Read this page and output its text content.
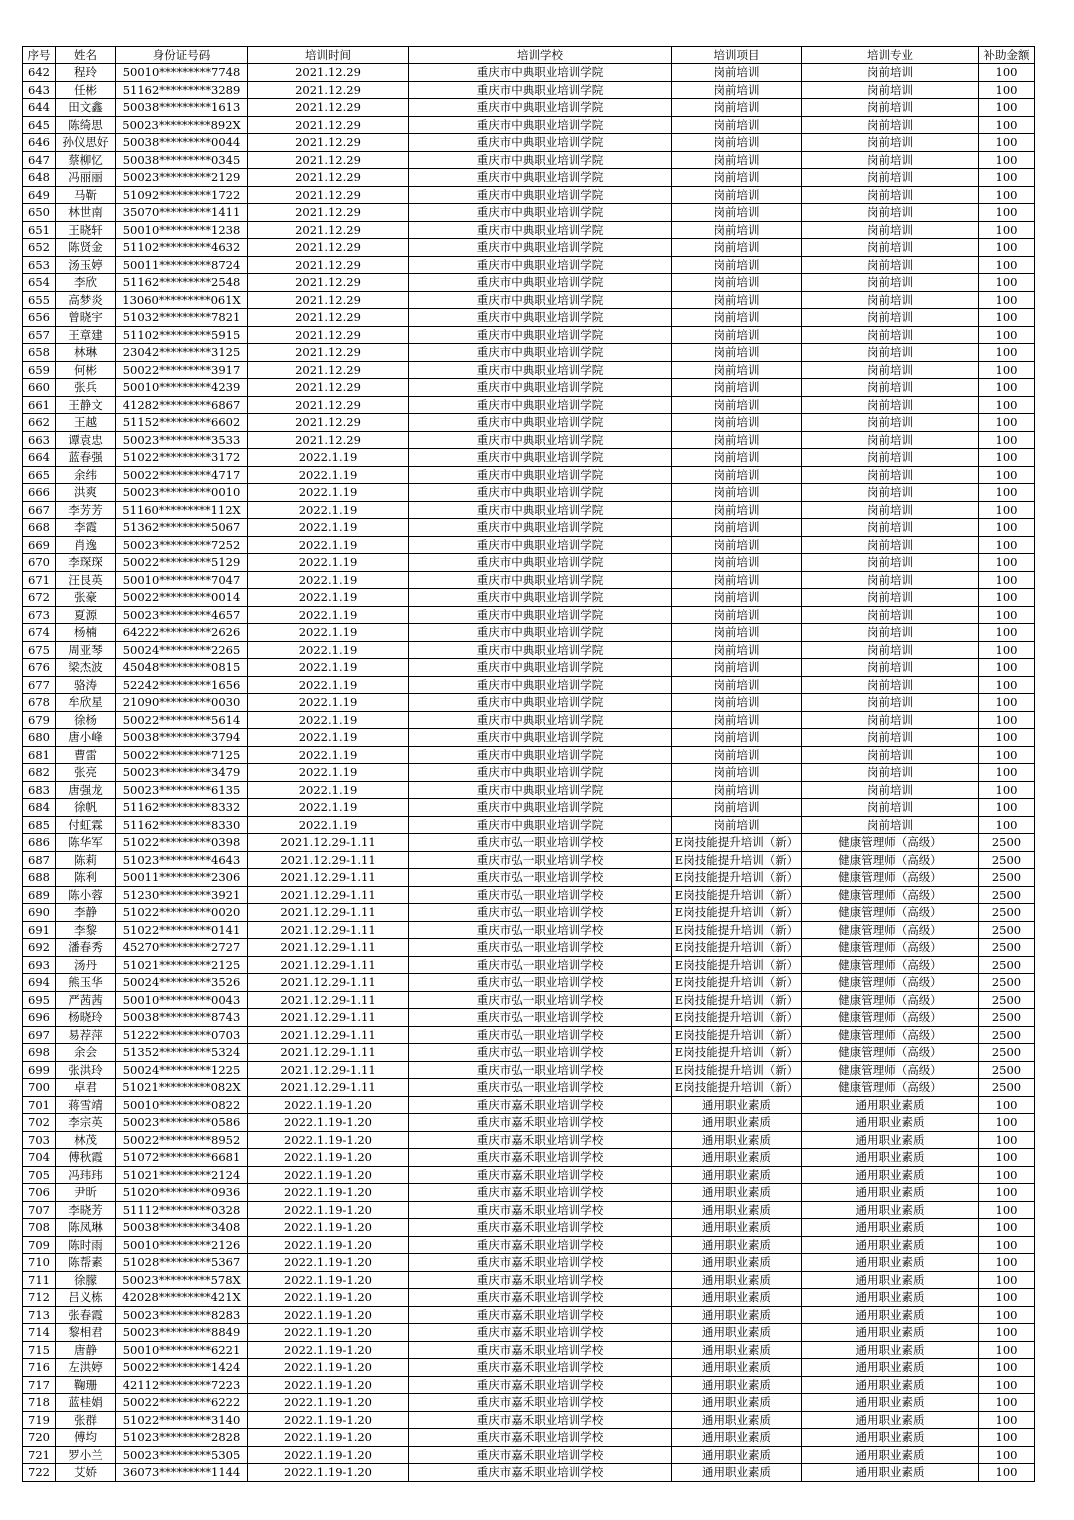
序号	姓名	身份证号码	培训时间	培训学校	培训项目	培训专业	补助金额
642	程玲	50010*********7748	2021.12.29	重庆市中典职业培训学院	岗前培训	岗前培训	100
643	任彬	51162*********3289	2021.12.29	重庆市中典职业培训学院	岗前培训	岗前培训	100
644	田文鑫	50038*********1613	2021.12.29	重庆市中典职业培训学院	岗前培训	岗前培训	100
645	陈绮思	50023*********892X	2021.12.29	重庆市中典职业培训学院	岗前培训	岗前培训	100
646	孙仪思好	50038*********0044	2021.12.29	重庆市中典职业培训学院	岗前培训	岗前培训	100
647	蔡柳忆	50038*********0345	2021.12.29	重庆市中典职业培训学院	岗前培训	岗前培训	100
648	冯丽丽	50023*********2129	2021.12.29	重庆市中典职业培训学院	岗前培训	岗前培训	100
649	马靳	51092*********1722	2021.12.29	重庆市中典职业培训学院	岗前培训	岗前培训	100
650	林世南	35070*********1411	2021.12.29	重庆市中典职业培训学院	岗前培训	岗前培训	100
651	王晓轩	50010*********1238	2021.12.29	重庆市中典职业培训学院	岗前培训	岗前培训	100
652	陈贤金	51102*********4632	2021.12.29	重庆市中典职业培训学院	岗前培训	岗前培训	100
653	汤玉婷	50011*********8724	2021.12.29	重庆市中典职业培训学院	岗前培训	岗前培训	100
654	李欣	51162*********2548	2021.12.29	重庆市中典职业培训学院	岗前培训	岗前培训	100
655	高梦炎	13060*********061X	2021.12.29	重庆市中典职业培训学院	岗前培训	岗前培训	100
656	曾晓宇	51032*********7821	2021.12.29	重庆市中典职业培训学院	岗前培训	岗前培训	100
657	王章建	51102*********5915	2021.12.29	重庆市中典职业培训学院	岗前培训	岗前培训	100
658	林琳	23042*********3125	2021.12.29	重庆市中典职业培训学院	岗前培训	岗前培训	100
659	何彬	50022*********3917	2021.12.29	重庆市中典职业培训学院	岗前培训	岗前培训	100
660	张兵	50010*********4239	2021.12.29	重庆市中典职业培训学院	岗前培训	岗前培训	100
661	王静文	41282*********6867	2021.12.29	重庆市中典职业培训学院	岗前培训	岗前培训	100
662	王越	51152*********6602	2021.12.29	重庆市中典职业培训学院	岗前培训	岗前培训	100
663	谭袁忠	50023*********3533	2021.12.29	重庆市中典职业培训学院	岗前培训	岗前培训	100
664	蓝春强	51022*********3172	2022.1.19	重庆市中典职业培训学院	岗前培训	岗前培训	100
665	余纬	50022*********4717	2022.1.19	重庆市中典职业培训学院	岗前培训	岗前培训	100
666	洪爽	50023*********0010	2022.1.19	重庆市中典职业培训学院	岗前培训	岗前培训	100
667	李芳芳	51160*********112X	2022.1.19	重庆市中典职业培训学院	岗前培训	岗前培训	100
668	李霞	51362*********5067	2022.1.19	重庆市中典职业培训学院	岗前培训	岗前培训	100
669	肖逸	50023*********7252	2022.1.19	重庆市中典职业培训学院	岗前培训	岗前培训	100
670	李琛琛	50022*********5129	2022.1.19	重庆市中典职业培训学院	岗前培训	岗前培训	100
671	汪艮英	50010*********7047	2022.1.19	重庆市中典职业培训学院	岗前培训	岗前培训	100
672	张豪	50022*********0014	2022.1.19	重庆市中典职业培训学院	岗前培训	岗前培训	100
673	夏源	50023*********4657	2022.1.19	重庆市中典职业培训学院	岗前培训	岗前培训	100
674	杨楠	64222*********2626	2022.1.19	重庆市中典职业培训学院	岗前培训	岗前培训	100
675	周亚琴	50024*********2265	2022.1.19	重庆市中典职业培训学院	岗前培训	岗前培训	100
676	梁杰波	45048*********0815	2022.1.19	重庆市中典职业培训学院	岗前培训	岗前培训	100
677	骆涛	52242*********1656	2022.1.19	重庆市中典职业培训学院	岗前培训	岗前培训	100
678	牟欣星	21090*********0030	2022.1.19	重庆市中典职业培训学院	岗前培训	岗前培训	100
679	徐杨	50022*********5614	2022.1.19	重庆市中典职业培训学院	岗前培训	岗前培训	100
680	唐小峰	50038*********3794	2022.1.19	重庆市中典职业培训学院	岗前培训	岗前培训	100
681	曹雷	50022*********7125	2022.1.19	重庆市中典职业培训学院	岗前培训	岗前培训	100
682	张亮	50023*********3479	2022.1.19	重庆市中典职业培训学院	岗前培训	岗前培训	100
683	唐强龙	50023*********6135	2022.1.19	重庆市中典职业培训学院	岗前培训	岗前培训	100
684	徐帆	51162*********8332	2022.1.19	重庆市中典职业培训学院	岗前培训	岗前培训	100
685	付虹霖	51162*********8330	2022.1.19	重庆市中典职业培训学院	岗前培训	岗前培训	100
686	陈华军	51022*********0398	2021.12.29-1.11	重庆市弘一职业培训学校	E岗技能提升培训（新）	健康管理师（高级）	2500
687	陈莉	51023*********4643	2021.12.29-1.11	重庆市弘一职业培训学校	E岗技能提升培训（新）	健康管理师（高级）	2500
688	陈利	50011*********2306	2021.12.29-1.11	重庆市弘一职业培训学校	E岗技能提升培训（新）	健康管理师（高级）	2500
689	陈小蓉	51230*********3921	2021.12.29-1.11	重庆市弘一职业培训学校	E岗技能提升培训（新）	健康管理师（高级）	2500
690	李静	51022*********0020	2021.12.29-1.11	重庆市弘一职业培训学校	E岗技能提升培训（新）	健康管理师（高级）	2500
691	李黎	51022*********0141	2021.12.29-1.11	重庆市弘一职业培训学校	E岗技能提升培训（新）	健康管理师（高级）	2500
692	潘春秀	45270*********2727	2021.12.29-1.11	重庆市弘一职业培训学校	E岗技能提升培训（新）	健康管理师（高级）	2500
693	汤丹	51021*********2125	2021.12.29-1.11	重庆市弘一职业培训学校	E岗技能提升培训（新）	健康管理师（高级）	2500
694	熊玉华	50024*********3526	2021.12.29-1.11	重庆市弘一职业培训学校	E岗技能提升培训（新）	健康管理师（高级）	2500
695	严茜茜	50010*********0043	2021.12.29-1.11	重庆市弘一职业培训学校	E岗技能提升培训（新）	健康管理师（高级）	2500
696	杨晓玲	50038*********8743	2021.12.29-1.11	重庆市弘一职业培训学校	E岗技能提升培训（新）	健康管理师（高级）	2500
697	易荐萍	51222*********0703	2021.12.29-1.11	重庆市弘一职业培训学校	E岗技能提升培训（新）	健康管理师（高级）	2500
698	余会	51352*********5324	2021.12.29-1.11	重庆市弘一职业培训学校	E岗技能提升培训（新）	健康管理师（高级）	2500
699	张洪玲	50024*********1225	2021.12.29-1.11	重庆市弘一职业培训学校	E岗技能提升培训（新）	健康管理师（高级）	2500
700	卓君	51021*********082X	2021.12.29-1.11	重庆市弘一职业培训学校	E岗技能提升培训（新）	健康管理师（高级）	2500
701	蒋雪靖	50010*********0822	2022.1.19-1.20	重庆市嘉禾职业培训学校	通用职业素质	通用职业素质	100
702	李宗英	50023*********0586	2022.1.19-1.20	重庆市嘉禾职业培训学校	通用职业素质	通用职业素质	100
703	林茂	50022*********8952	2022.1.19-1.20	重庆市嘉禾职业培训学校	通用职业素质	通用职业素质	100
704	傅秋霞	51072*********6681	2022.1.19-1.20	重庆市嘉禾职业培训学校	通用职业素质	通用职业素质	100
705	冯玮玮	51021*********2124	2022.1.19-1.20	重庆市嘉禾职业培训学校	通用职业素质	通用职业素质	100
706	尹昕	51020*********0936	2022.1.19-1.20	重庆市嘉禾职业培训学校	通用职业素质	通用职业素质	100
707	李晓芳	51112*********0328	2022.1.19-1.20	重庆市嘉禾职业培训学校	通用职业素质	通用职业素质	100
708	陈凤琳	50038*********3408	2022.1.19-1.20	重庆市嘉禾职业培训学校	通用职业素质	通用职业素质	100
709	陈时雨	50010*********2126	2022.1.19-1.20	重庆市嘉禾职业培训学校	通用职业素质	通用职业素质	100
710	陈帮素	51028*********5367	2022.1.19-1.20	重庆市嘉禾职业培训学校	通用职业素质	通用职业素质	100
711	徐朦	50023*********578X	2022.1.19-1.20	重庆市嘉禾职业培训学校	通用职业素质	通用职业素质	100
712	吕义栋	42028*********421X	2022.1.19-1.20	重庆市嘉禾职业培训学校	通用职业素质	通用职业素质	100
713	张春霞	50023*********8283	2022.1.19-1.20	重庆市嘉禾职业培训学校	通用职业素质	通用职业素质	100
714	黎相君	50023*********8849	2022.1.19-1.20	重庆市嘉禾职业培训学校	通用职业素质	通用职业素质	100
715	唐静	50010*********6221	2022.1.19-1.20	重庆市嘉禾职业培训学校	通用职业素质	通用职业素质	100
716	左洪婷	50022*********1424	2022.1.19-1.20	重庆市嘉禾职业培训学校	通用职业素质	通用职业素质	100
717	鞠珊	42112*********7223	2022.1.19-1.20	重庆市嘉禾职业培训学校	通用职业素质	通用职业素质	100
718	蓝桂娟	50022*********6222	2022.1.19-1.20	重庆市嘉禾职业培训学校	通用职业素质	通用职业素质	100
719	张群	51022*********3140	2022.1.19-1.20	重庆市嘉禾职业培训学校	通用职业素质	通用职业素质	100
720	傅均	51023*********2828	2022.1.19-1.20	重庆市嘉禾职业培训学校	通用职业素质	通用职业素质	100
721	罗小兰	50023*********5305	2022.1.19-1.20	重庆市嘉禾职业培训学校	通用职业素质	通用职业素质	100
722	艾娇	36073*********1144	2022.1.19-1.20	重庆市嘉禾职业培训学校	通用职业素质	通用职业素质	100
